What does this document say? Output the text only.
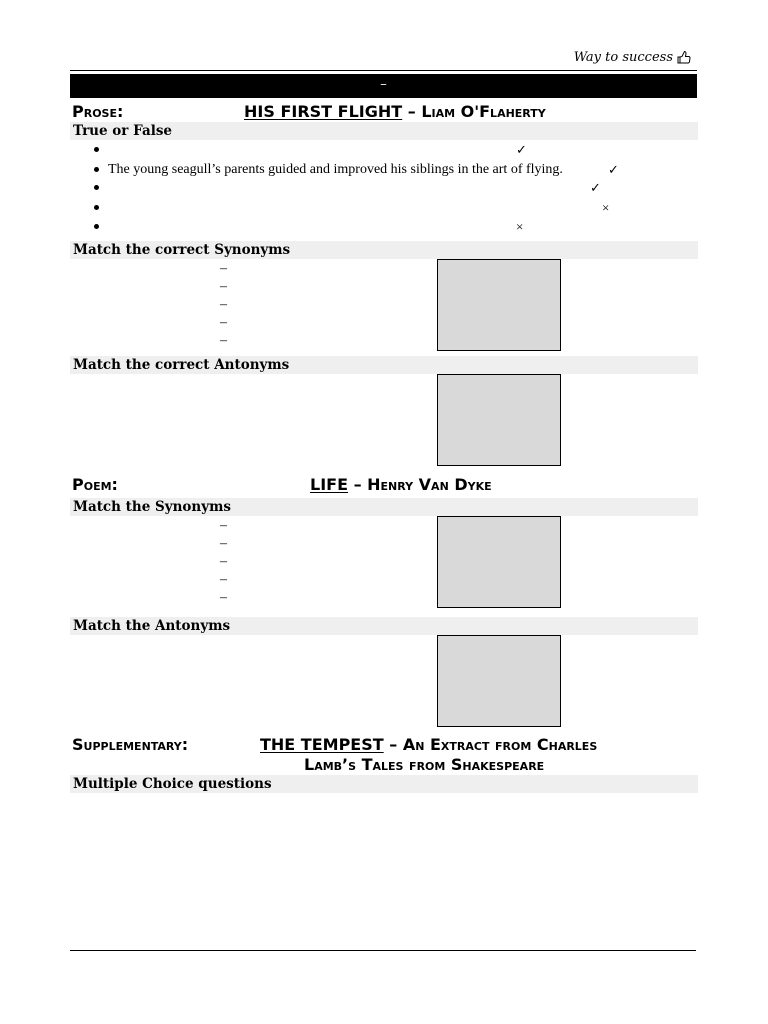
Way to success
–
Prose:	HIS FIRST FLIGHT – Liam O'Flaherty
True or False
✓
The young seagull’s parents guided and improved his siblings in the art of flying.	✓
✓
×
×
Match the correct Synonyms
–
–
–
–
–
Match the correct Antonyms
Poem:	LIFE – Henry Van Dyke
Match the Synonyms
–
–
–
–
–
Match the Antonyms
Supplementary:	THE TEMPEST – An Extract from Charles
Lamb’s Tales from Shakespeare
Multiple Choice questions
